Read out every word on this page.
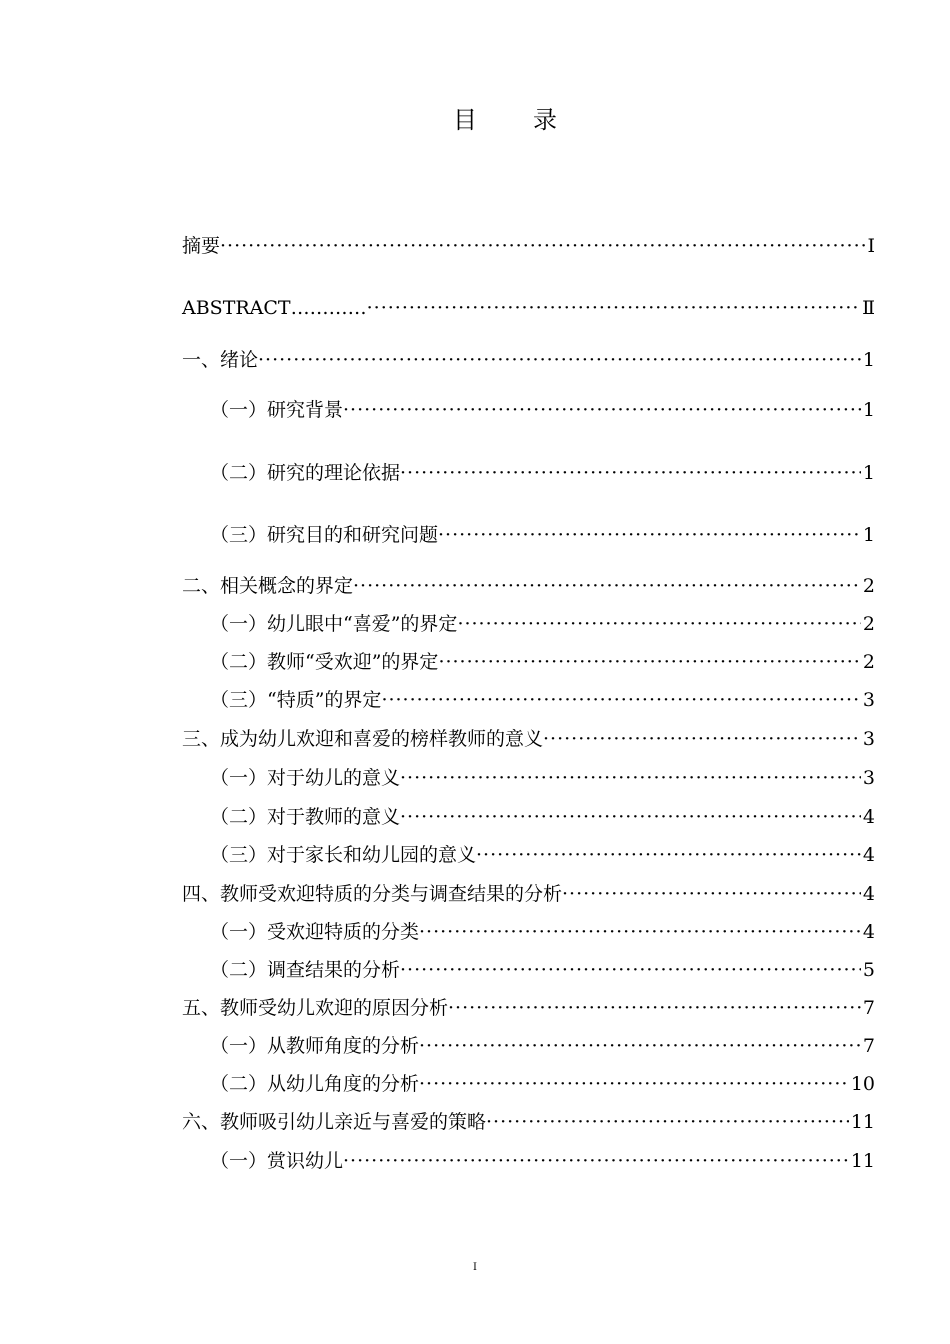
目 录
摘要 ·····	Ⅰ
ABSTRACT………… ·····	Ⅱ
一、绪论 ·····	1
（一）研究背景 ·····	1
（二）研究的理论依据 ·····	1
（三）研究目的和研究问题 ·····	1
二、相关概念的界定 ·····	2
（一）幼儿眼中“喜爱”的界定 ·····	2
（二）教师“受欢迎”的界定 ·····	2
（三）“特质”的界定 ·····	3
三、成为幼儿欢迎和喜爱的榜样教师的意义 ·····	3
（一）对于幼儿的意义 ·····	3
（二）对于教师的意义 ·····	4
（三）对于家长和幼儿园的意义 ·····	4
四、教师受欢迎特质的分类与调查结果的分析 ·····	4
（一）受欢迎特质的分类 ·····	4
（二）调查结果的分析 ·····	5
五、教师受幼儿欢迎的原因分析 ·····	7
（一）从教师角度的分析 ·····	7
（二）从幼儿角度的分析 ·····	10
六、教师吸引幼儿亲近与喜爱的策略 ·····	11
（一）赏识幼儿 ·····	11
I
